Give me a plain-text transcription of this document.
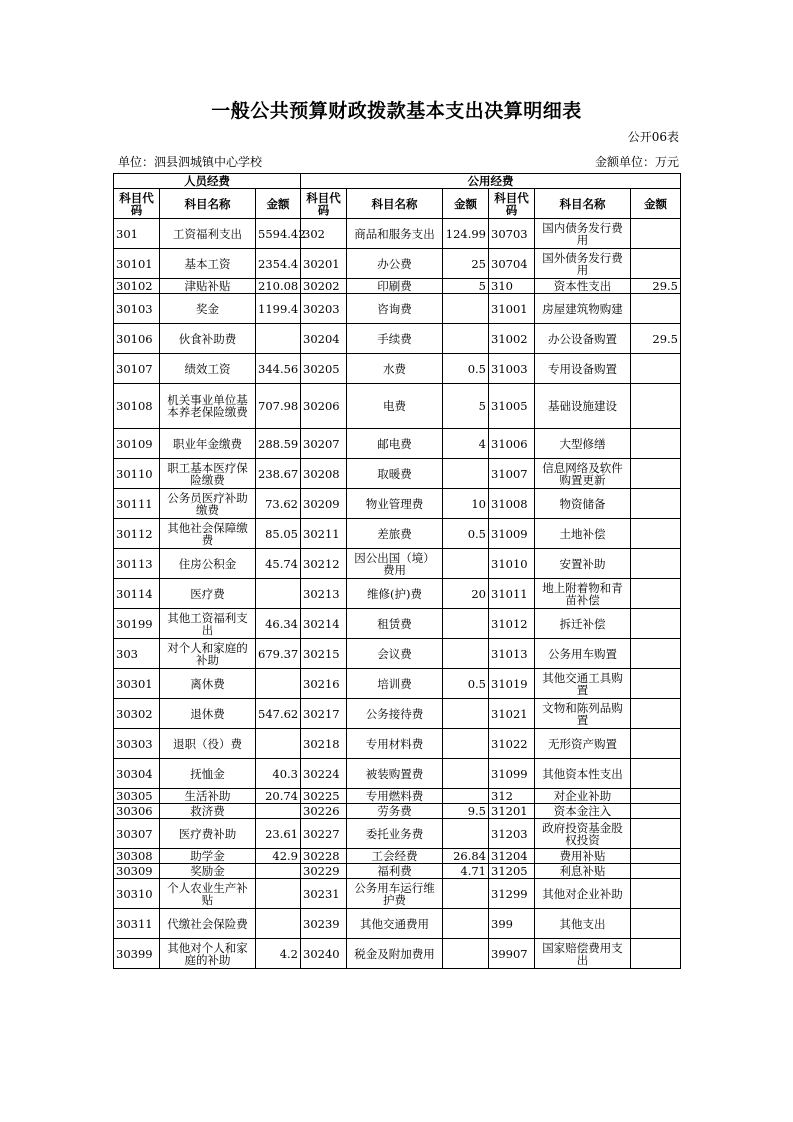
一般公共预算财政拨款基本支出决算明细表
公开06表
单位：泗县泗城镇中心学校	金额单位：万元
人员经费			公用经费					
科目代码	科目名称	金额	科目代码	科目名称	金额	科目代码	科目名称	金额
301	工资福利支出	5594.42	302	商品和服务支出	124.99	30703	国内债务发行费用	
30101	基本工资	2354.4	30201	办公费	25	30704	国外债务发行费用	
30102	津贴补贴	210.08	30202	印刷费	5	310	资本性支出	29.5
30103	奖金	1199.4	30203	咨询费		31001	房屋建筑物购建	
30106	伙食补助费		30204	手续费		31002	办公设备购置	29.5
30107	绩效工资	344.56	30205	水费	0.5	31003	专用设备购置	
30108	机关事业单位基本养老保险缴费	707.98	30206	电费	5	31005	基础设施建设	
30109	职业年金缴费	288.59	30207	邮电费	4	31006	大型修缮	
30110	职工基本医疗保险缴费	238.67	30208	取暖费		31007	信息网络及软件购置更新	
30111	公务员医疗补助缴费	73.62	30209	物业管理费	10	31008	物资储备	
30112	其他社会保障缴费	85.05	30211	差旅费	0.5	31009	土地补偿	
30113	住房公积金	45.74	30212	因公出国（境）费用		31010	安置补助	
30114	医疗费		30213	维修(护)费	20	31011	地上附着物和青苗补偿	
30199	其他工资福利支出	46.34	30214	租赁费		31012	拆迁补偿	
303	对个人和家庭的补助	679.37	30215	会议费		31013	公务用车购置	
30301	离休费		30216	培训费	0.5	31019	其他交通工具购置	
30302	退休费	547.62	30217	公务接待费		31021	文物和陈列品购置	
30303	退职（役）费		30218	专用材料费		31022	无形资产购置	
30304	抚恤金	40.3	30224	被装购置费		31099	其他资本性支出	
30305	生活补助	20.74	30225	专用燃料费		312	对企业补助	
30306	救济费		30226	劳务费	9.5	31201	资本金注入	
30307	医疗费补助	23.61	30227	委托业务费		31203	政府投资基金股权投资	
30308	助学金	42.9	30228	工会经费	26.84	31204	费用补贴	
30309	奖励金		30229	福利费	4.71	31205	利息补贴	
30310	个人农业生产补贴		30231	公务用车运行维护费		31299	其他对企业补助	
30311	代缴社会保险费		30239	其他交通费用		399	其他支出	
30399	其他对个人和家庭的补助	4.2	30240	税金及附加费用		39907	国家赔偿费用支出	
